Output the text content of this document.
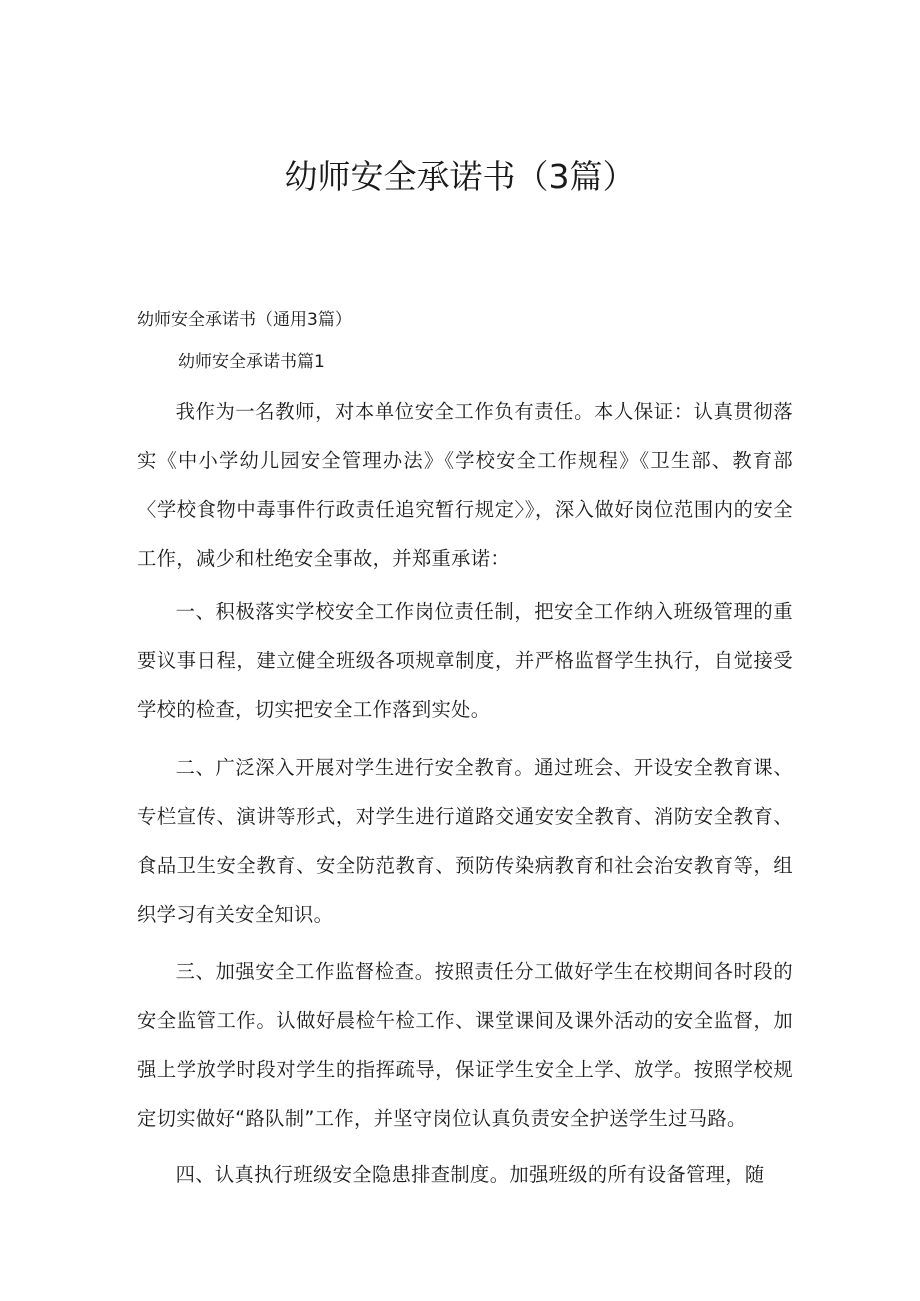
幼师安全承诺书（3篇）

幼师安全承诺书（通用3篇）

幼师安全承诺书篇1

我作为一名教师，对本单位安全工作负有责任。本人保证：认真贯彻落实《中小学幼儿园安全管理办法》《学校安全工作规程》《卫生部、教育部〈学校食物中毒事件行政责任追究暂行规定〉》，深入做好岗位范围内的安全工作，减少和杜绝安全事故，并郑重承诺：

一、积极落实学校安全工作岗位责任制，把安全工作纳入班级管理的重要议事日程，建立健全班级各项规章制度，并严格监督学生执行，自觉接受学校的检查，切实把安全工作落到实处。

二、广泛深入开展对学生进行安全教育。通过班会、开设安全教育课、专栏宣传、演讲等形式，对学生进行道路交通安安全教育、消防安全教育、食品卫生安全教育、安全防范教育、预防传染病教育和社会治安教育等，组织学习有关安全知识。

三、加强安全工作监督检查。按照责任分工做好学生在校期间各时段的安全监管工作。认做好晨检午检工作、课堂课间及课外活动的安全监督，加强上学放学时段对学生的指挥疏导，保证学生安全上学、放学。按照学校规定切实做好“路队制”工作，并坚守岗位认真负责安全护送学生过马路。

四、认真执行班级安全隐患排查制度。加强班级的所有设备管理，随
